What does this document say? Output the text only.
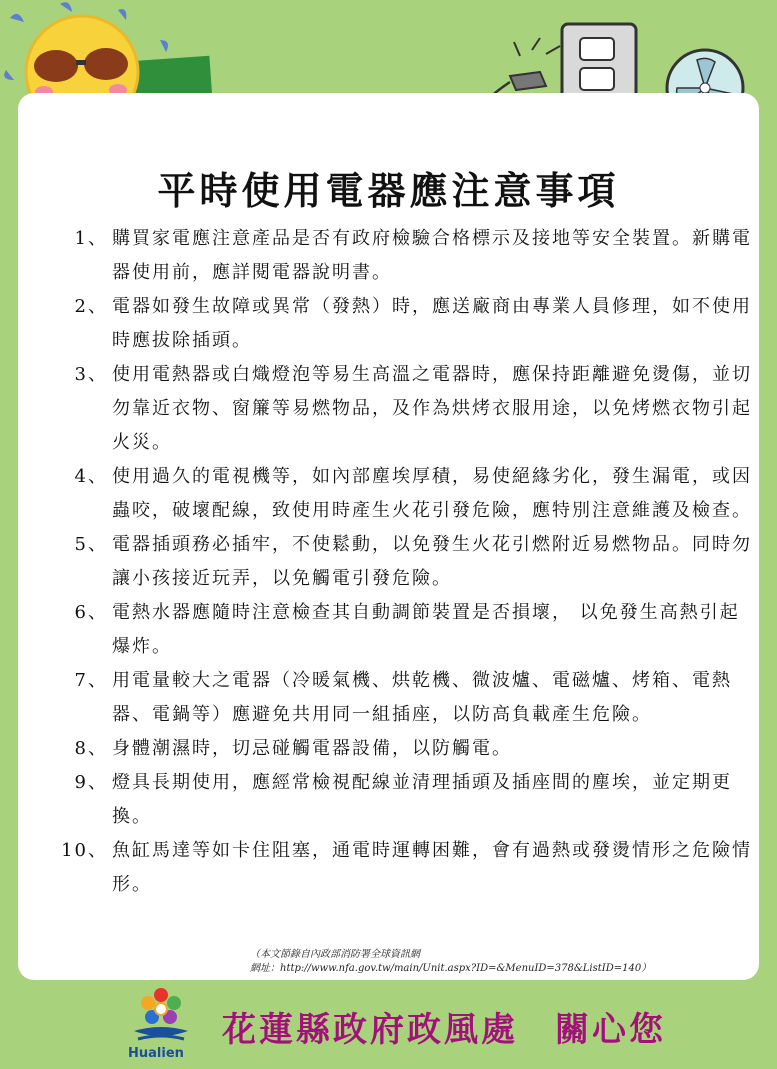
平時使用電器應注意事項
1 、 購買家電應注意產品是否有政府檢驗合格標示及接地等安全裝置。新購電器使用前，應詳閱電器說明書。
2 、 電器如發生故障或異常（發熱）時，應送廠商由專業人員修理，如不使用時應拔除插頭。
3 、 使用電熱器或白熾燈泡等易生高溫之電器時，應保持距離避免燙傷，並切勿靠近衣物、窗簾等易燃物品，及作為烘烤衣服用途，以免烤燃衣物引起火災。
4 、 使用過久的電視機等，如內部塵埃厚積，易使絕緣劣化，發生漏電，或因蟲咬，破壞配線，致使用時產生火花引發危險，應特別注意維護及檢查。
5 、 電器插頭務必插牢，不使鬆動，以免發生火花引燃附近易燃物品。同時勿讓小孩接近玩弄，以免觸電引發危險。
6 、 電熱水器應隨時注意檢查其自動調節裝置是否損壞， 以免發生高熱引起爆炸。
7 、 用電量較大之電器（冷暖氣機、烘乾機、微波爐、電磁爐、烤箱、電熱器、電鍋等）應避免共用同一組插座，以防高負載產生危險。
8 、 身體潮濕時，切忌碰觸電器設備，以防觸電。
9 、 燈具長期使用，應經常檢視配線並清理插頭及插座間的塵埃，並定期更換。
10 、 魚缸馬達等如卡住阻塞，通電時運轉困難，會有過熱或發燙情形之危險情形。
（本文節錄自內政部消防署全球資訊網
網址：http://www.nfa.gov.tw/main/Unit.aspx?ID=&MenuID=378&ListID=140）
Hualien
花蓮縣政府政風處　關心您
